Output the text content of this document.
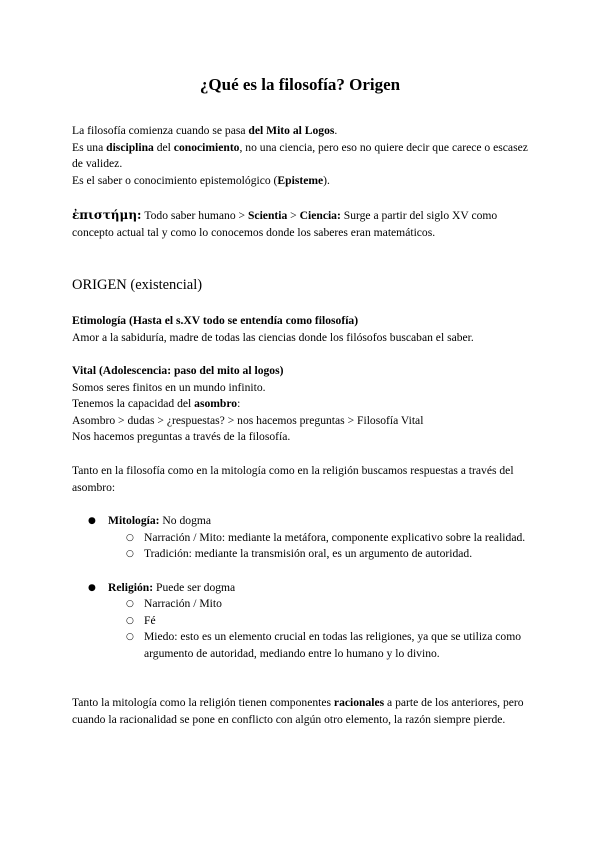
¿Qué es la filosofía? Origen

La filosofía comienza cuando se pasa del Mito al Logos.

Es una disciplina del conocimiento, no una ciencia, pero eso no quiere decir que carece o escasez de validez.

Es el saber o conocimiento epistemológico (Episteme).

ἐπιστήμη: Todo saber humano > Scientia > Ciencia: Surge a partir del siglo XV como concepto actual tal y como lo conocemos donde los saberes eran matemáticos.

ORIGEN (existencial)

Etimología (Hasta el s.XV todo se entendía como filosofía)

Amor a la sabiduría, madre de todas las ciencias donde los filósofos buscaban el saber.

Vital (Adolescencia: paso del mito al logos)

Somos seres finitos en un mundo infinito.

Tenemos la capacidad del asombro:

Asombro > dudas > ¿respuestas? > nos hacemos preguntas > Filosofía Vital

Nos hacemos preguntas a través de la filosofía.

Tanto en la filosofía como en la mitología como en la religión buscamos respuestas a través del asombro:

● Mitología: No dogma
○ Narración / Mito: mediante la metáfora, componente explicativo sobre la realidad.
○ Tradición: mediante la transmisión oral, es un argumento de autoridad.
● Religión: Puede ser dogma
○ Narración / Mito
○ Fé
○ Miedo: esto es un elemento crucial en todas las religiones, ya que se utiliza como argumento de autoridad, mediando entre lo humano y lo divino.

Tanto la mitología como la religión tienen componentes racionales a parte de los anteriores, pero cuando la racionalidad se pone en conflicto con algún otro elemento, la razón siempre pierde.
